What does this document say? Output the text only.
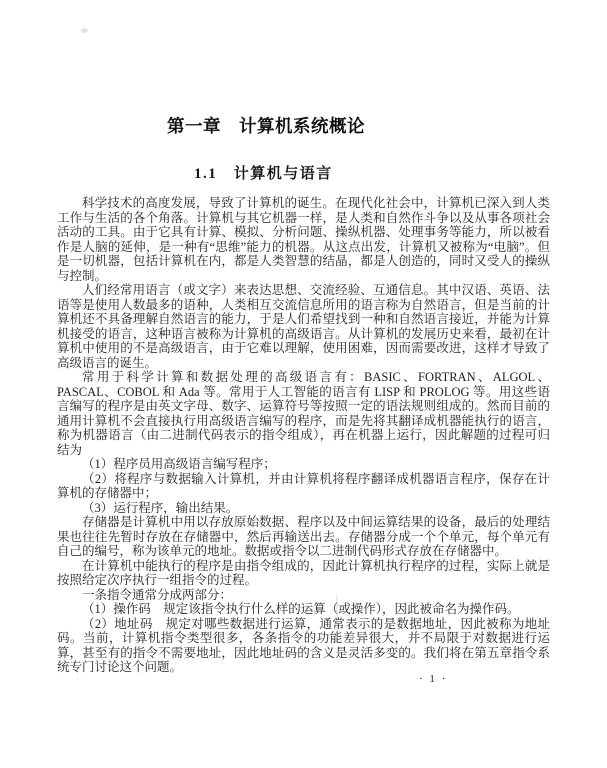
第一章　计算机系统概论
1.1　计算机与语言

科学技术的高度发展，导致了计算机的诞生。在现代化社会中，计算机已深入到人类工作与生活的各个角落。计算机与其它机器一样，是人类和自然作斗争以及从事各项社会活动的工具。由于它具有计算、模拟、分析问题、操纵机器、处理事务等能力，所以被看作是人脑的延伸，是一种有“思维”能力的机器。从这点出发，计算机又被称为“电脑”。但是一切机器，包括计算机在内，都是人类智慧的结晶，都是人创造的，同时又受人的操纵与控制。

人们经常用语言（或文字）来表达思想、交流经验、互通信息。其中汉语、英语、法语等是使用人数最多的语种，人类相互交流信息所用的语言称为自然语言，但是当前的计算机还不具备理解自然语言的能力，于是人们希望找到一种和自然语言接近，并能为计算机接受的语言，这种语言被称为计算机的高级语言。从计算机的发展历史来看，最初在计算机中使用的不是高级语言，由于它难以理解，使用困难，因而需要改进，这样才导致了高级语言的诞生。

常用于科学计算和数据处理的高级语言有：BASIC、FORTRAN、ALGOL、PASCAL、COBOL 和 Ada 等。常用于人工智能的语言有 LISP 和 PROLOG 等。用这些语言编写的程序是由英文字母、数字、运算符号等按照一定的语法规则组成的。然而目前的通用计算机不会直接执行用高级语言编写的程序，而是先将其翻译成机器能执行的语言，称为机器语言（由二进制代码表示的指令组成），再在机器上运行，因此解题的过程可归结为

（1）程序员用高级语言编写程序；

（2）将程序与数据输入计算机，并由计算机将程序翻译成机器语言程序，保存在计算机的存储器中；

（3）运行程序，输出结果。

存储器是计算机中用以存放原始数据、程序以及中间运算结果的设备，最后的处理结果也往往先暂时存放在存储器中，然后再输送出去。存储器分成一个个单元，每个单元有自己的编号，称为该单元的地址。数据或指令以二进制代码形式存放在存储器中。

在计算机中能执行的程序是由指令组成的，因此计算机执行程序的过程，实际上就是按照给定次序执行一组指令的过程。

一条指令通常分成两部分：

（1）操作码　规定该指令执行什么样的运算（或操作），因此被命名为操作码。

（2）地址码　规定对哪些数据进行运算，通常表示的是数据地址，因此被称为地址码。当前，计算机指令类型很多，各条指令的功能差异很大，并不局限于对数据进行运算，甚至有的指令不需要地址，因此地址码的含义是灵活多变的。我们将在第五章指令系统专门讨论这个问题。

· 1 ·
